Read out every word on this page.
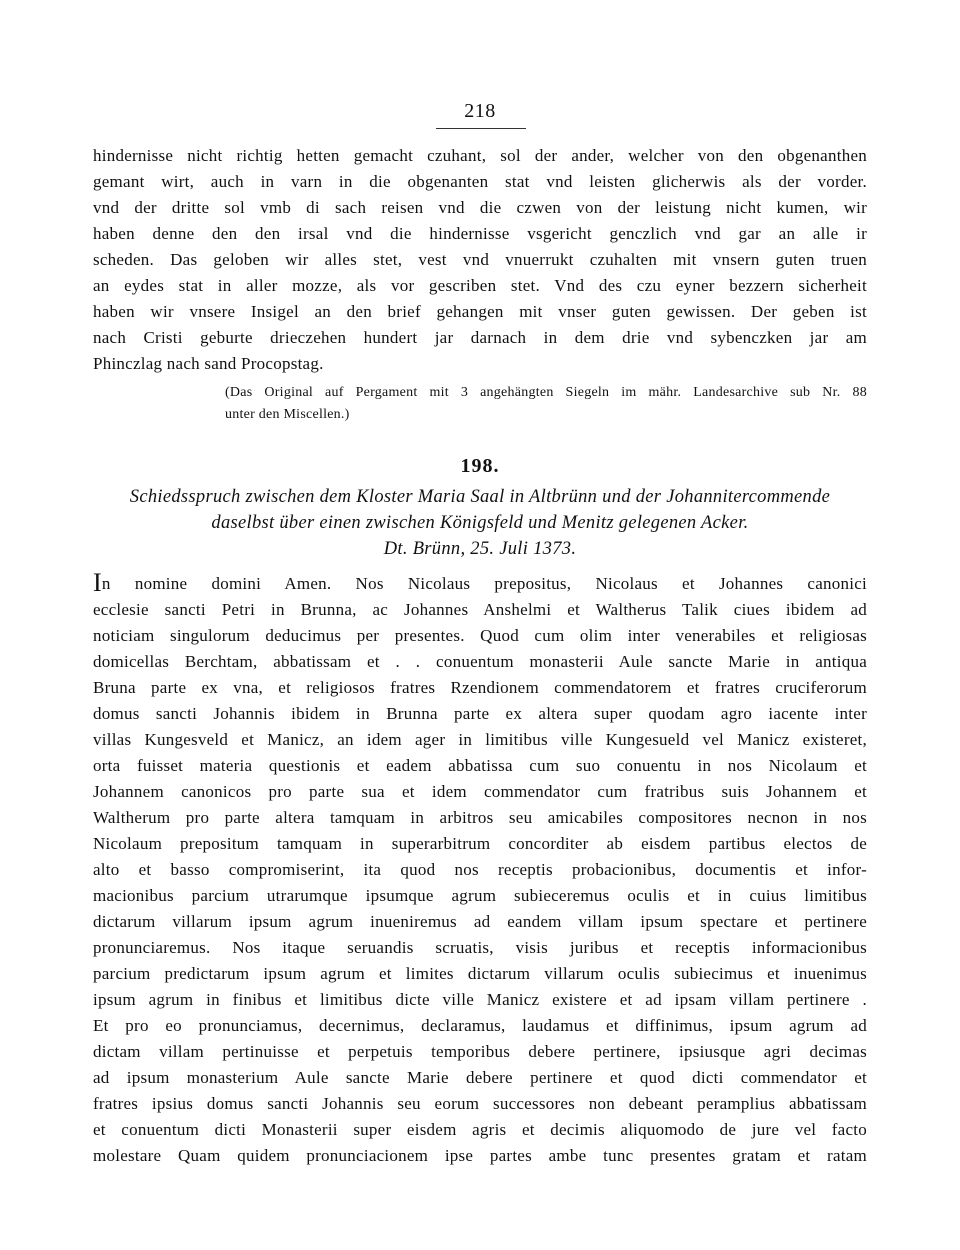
218
hindernisse nicht richtig hetten gemacht czuhant, sol der ander, welcher von den obgenanthen
gemant wirt, auch in varn in die obgenanten stat vnd leisten glicherwis als der vorder.
vnd der dritte sol vmb di sach reisen vnd die czwen von der leistung nicht kumen, wir
haben denne den den irsal vnd die hindernisse vsgericht genczlich vnd gar an alle ir
scheden. Das geloben wir alles stet, vest vnd vnuerrukt czuhalten mit vnsern guten truen
an eydes stat in aller mozze, als vor gescriben stet. Vnd des czu eyner bezzern sicherheit
haben wir vnsere Insigel an den brief gehangen mit vnser guten gewissen. Der geben ist
nach Cristi geburte drieczehen hundert jar darnach in dem drie vnd sybenczken jar am
Phinczlag nach sand Procopstag.
(Das Original auf Pergament mit 3 angehängten Siegeln im mähr. Landesarchive sub Nr. 88
unter den Miscellen.)
198.
Schiedsspruch zwischen dem Kloster Maria Saal in Altbrünn und der Johannitercommende
daselbst über einen zwischen Königsfeld und Menitz gelegenen Acker.
Dt. Brünn, 25. Juli 1373.
In nomine domini Amen. Nos Nicolaus prepositus, Nicolaus et Johannes canonici
ecclesie sancti Petri in Brunna, ac Johannes Anshelmi et Waltherus Talik ciues ibidem ad
noticiam singulorum deducimus per presentes. Quod cum olim inter venerabiles et religiosas
domicellas Berchtam, abbatissam et . . conuentum monasterii Aule sancte Marie in antiqua
Bruna parte ex vna, et religiosos fratres Rzendionem commendatorem et fratres cruciferorum
domus sancti Johannis ibidem in Brunna parte ex altera super quodam agro iacente inter
villas Kungesveld et Manicz, an idem ager in limitibus ville Kungesueld vel Manicz existeret,
orta fuisset materia questionis et eadem abbatissa cum suo conuentu in nos Nicolaum et
Johannem canonicos pro parte sua et idem commendator cum fratribus suis Johannem et
Waltherum pro parte altera tamquam in arbitros seu amicabiles compositores necnon in nos
Nicolaum prepositum tamquam in superarbitrum concorditer ab eisdem partibus electos de
alto et basso compromiserint, ita quod nos receptis probacionibus, documentis et infor-
macionibus parcium utrarumque ipsumque agrum subieceremus oculis et in cuius limitibus
dictarum villarum ipsum agrum inueniremus ad eandem villam ipsum spectare et pertinere
pronunciaremus. Nos itaque seruandis scruatis, visis juribus et receptis informacionibus
parcium predictarum ipsum agrum et limites dictarum villarum oculis subiecimus et inuenimus
ipsum agrum in finibus et limitibus dicte ville Manicz existere et ad ipsam villam pertinere .
Et pro eo pronunciamus, decernimus, declaramus, laudamus et diffinimus, ipsum agrum ad
dictam villam pertinuisse et perpetuis temporibus debere pertinere, ipsiusque agri decimas
ad ipsum monasterium Aule sancte Marie debere pertinere et quod dicti commendator et
fratres ipsius domus sancti Johannis seu eorum successores non debeant peramplius abbatissam
et conuentum dicti Monasterii super eisdem agris et decimis aliquomodo de jure vel facto
molestare Quam quidem pronunciacionem ipse partes ambe tunc presentes gratam et ratam
